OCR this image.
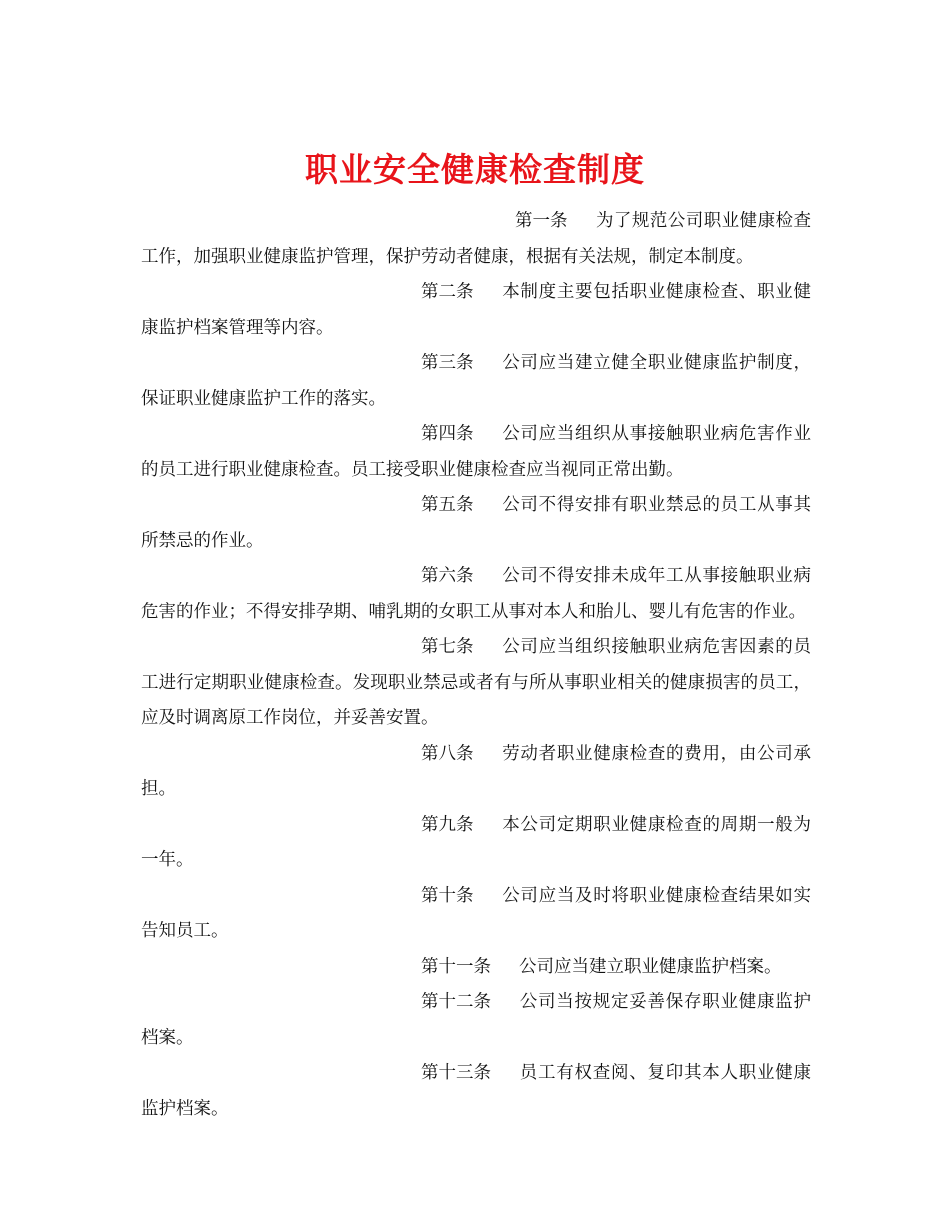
职业安全健康检查制度

第一条 为了规范公司职业健康检查工作，加强职业健康监护管理，保护劳动者健康，根据有关法规，制定本制度。

第二条 本制度主要包括职业健康检查、职业健康监护档案管理等内容。

第三条 公司应当建立健全职业健康监护制度，保证职业健康监护工作的落实。

第四条 公司应当组织从事接触职业病危害作业的员工进行职业健康检查。员工接受职业健康检查应当视同正常出勤。

第五条 公司不得安排有职业禁忌的员工从事其所禁忌的作业。

第六条 公司不得安排未成年工从事接触职业病危害的作业；不得安排孕期、哺乳期的女职工从事对本人和胎儿、婴儿有危害的作业。

第七条 公司应当组织接触职业病危害因素的员工进行定期职业健康检查。发现职业禁忌或者有与所从事职业相关的健康损害的员工，应及时调离原工作岗位，并妥善安置。

第八条 劳动者职业健康检查的费用，由公司承担。

第九条 本公司定期职业健康检查的周期一般为一年。

第十条 公司应当及时将职业健康检查结果如实告知员工。

第十一条 公司应当建立职业健康监护档案。

第十二条 公司当按规定妥善保存职业健康监护档案。

第十三条 员工有权查阅、复印其本人职业健康监护档案。
